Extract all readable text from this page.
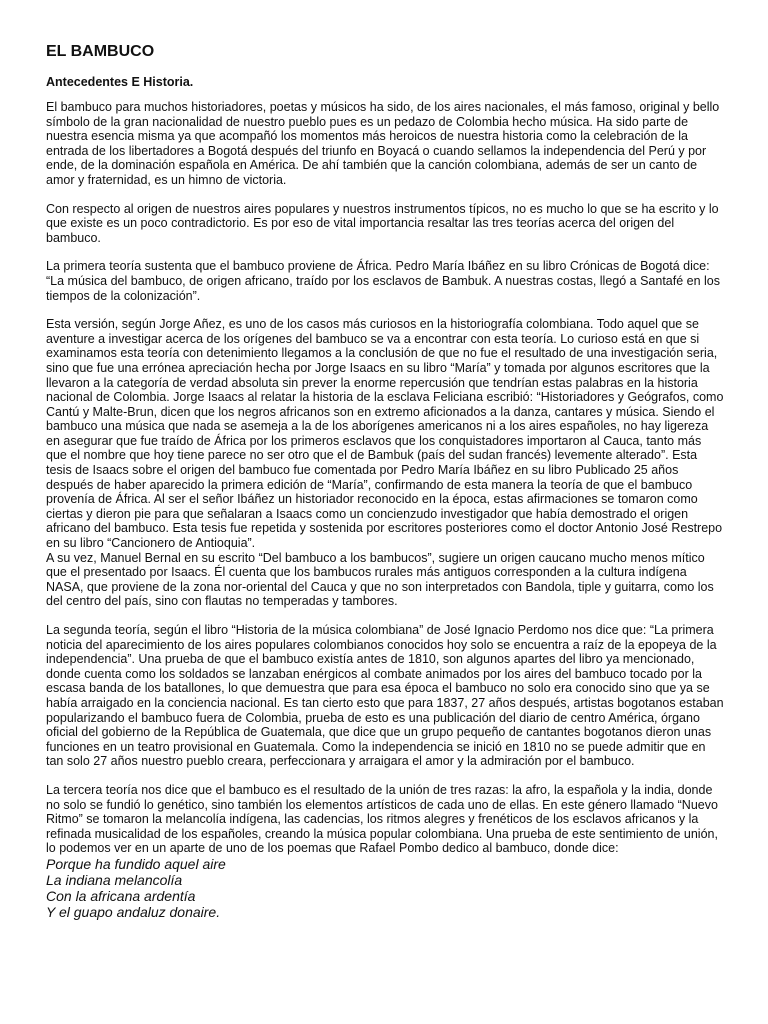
EL BAMBUCO
Antecedentes E Historia.

El bambuco para muchos historiadores, poetas y músicos ha sido, de los aires nacionales, el más famoso, original y bello símbolo de la gran nacionalidad de nuestro pueblo pues es un pedazo de Colombia hecho música. Ha sido parte de nuestra esencia misma ya que acompañó los momentos más heroicos de nuestra historia como la celebración de la entrada de los libertadores a Bogotá después del triunfo en Boyacá o cuando sellamos la independencia del Perú y por ende, de la dominación española en América. De ahí también que la canción colombiana, además de ser un canto de amor y fraternidad, es un himno de victoria.

Con respecto al origen de nuestros aires populares y nuestros instrumentos típicos, no es mucho lo que se ha escrito y lo que existe es un poco contradictorio. Es por eso de vital importancia resaltar las tres teorías acerca del origen del bambuco.

La primera teoría sustenta que el bambuco proviene de África. Pedro María Ibáñez en su libro Crónicas de Bogotá dice: “La música del bambuco, de origen africano, traído por los esclavos de Bambuk. A nuestras costas, llegó a Santafé en los tiempos de la colonización”.

Esta versión, según Jorge Añez, es uno de los casos más curiosos en la historiografía colombiana. Todo aquel que se aventure a investigar acerca de los orígenes del bambuco se va a encontrar con esta teoría. Lo curioso está en que si examinamos esta teoría con detenimiento llegamos a la conclusión de que no fue el resultado de una investigación seria, sino que fue una errónea apreciación hecha por Jorge Isaacs en su libro “María” y tomada por algunos escritores que la llevaron a la categoría de verdad absoluta sin prever la enorme repercusión que tendrían estas palabras en la historia nacional de Colombia. Jorge Isaacs al relatar la historia de la esclava Feliciana escribió: “Historiadores y Geógrafos, como Cantú y Malte-Brun, dicen que los negros africanos son en extremo aficionados a la danza, cantares y música. Siendo el bambuco una música que nada se asemeja a la de los aborígenes americanos ni a los aires españoles, no hay ligereza en asegurar que fue traído de África por los primeros esclavos que los conquistadores importaron al Cauca, tanto más que el nombre que hoy tiene parece no ser otro que el de Bambuk (país del sudan francés) levemente alterado”. Esta tesis de Isaacs sobre el origen del bambuco fue comentada por Pedro María Ibáñez en su libro Publicado 25 años después de haber aparecido la primera edición de “María”, confirmando de esta manera la teoría de que el bambuco provenía de África. Al ser el señor Ibáñez un historiador reconocido en la época, estas afirmaciones se tomaron como ciertas y dieron pie para que señalaran a Isaacs como un concienzudo investigador que había demostrado el origen africano del bambuco. Esta tesis fue repetida y sostenida por escritores posteriores como el doctor Antonio José Restrepo en su libro “Cancionero de Antioquia”.

A su vez, Manuel Bernal en su escrito “Del bambuco a los bambucos”, sugiere un origen caucano mucho menos mítico que el presentado por Isaacs. Él cuenta que los bambucos rurales más antiguos corresponden a la cultura indígena NASA, que proviene de la zona nor-oriental del Cauca y que no son interpretados con Bandola, tiple y guitarra, como los del centro del país, sino con flautas no temperadas y tambores.

La segunda teoría, según el libro “Historia de la música colombiana” de José Ignacio Perdomo nos dice que: “La primera noticia del aparecimiento de los aires populares colombianos conocidos hoy solo se encuentra a raíz de la epopeya de la independencia”. Una prueba de que el bambuco existía antes de 1810, son algunos apartes del libro ya mencionado, donde cuenta como los soldados se lanzaban enérgicos al combate animados por los aires del bambuco tocado por la escasa banda de los batallones, lo que demuestra que para esa época el bambuco no solo era conocido sino que ya se había arraigado en la conciencia nacional. Es tan cierto esto que para 1837, 27 años después, artistas bogotanos estaban popularizando el bambuco fuera de Colombia, prueba de esto es una publicación del diario de centro América, órgano oficial del gobierno de la República de Guatemala, que dice que un grupo pequeño de cantantes bogotanos dieron unas funciones en un teatro provisional en Guatemala. Como la independencia se inició en 1810 no se puede admitir que en tan solo 27 años nuestro pueblo creara, perfeccionara y arraigara el amor y la admiración por el bambuco.

La tercera teoría nos dice que el bambuco es el resultado de la unión de tres razas: la afro, la española y la india, donde no solo se fundió lo genético, sino también los elementos artísticos de cada uno de ellas. En este género llamado “Nuevo Ritmo” se tomaron la melancolía indígena, las cadencias, los ritmos alegres y frenéticos de los esclavos africanos y la refinada musicalidad de los españoles, creando la música popular colombiana. Una prueba de este sentimiento de unión, lo podemos ver en un aparte de uno de los poemas que Rafael Pombo dedico al bambuco, donde dice:

Porque ha fundido aquel aire

La indiana melancolía

Con la africana ardentía

Y el guapo andaluz donaire.
